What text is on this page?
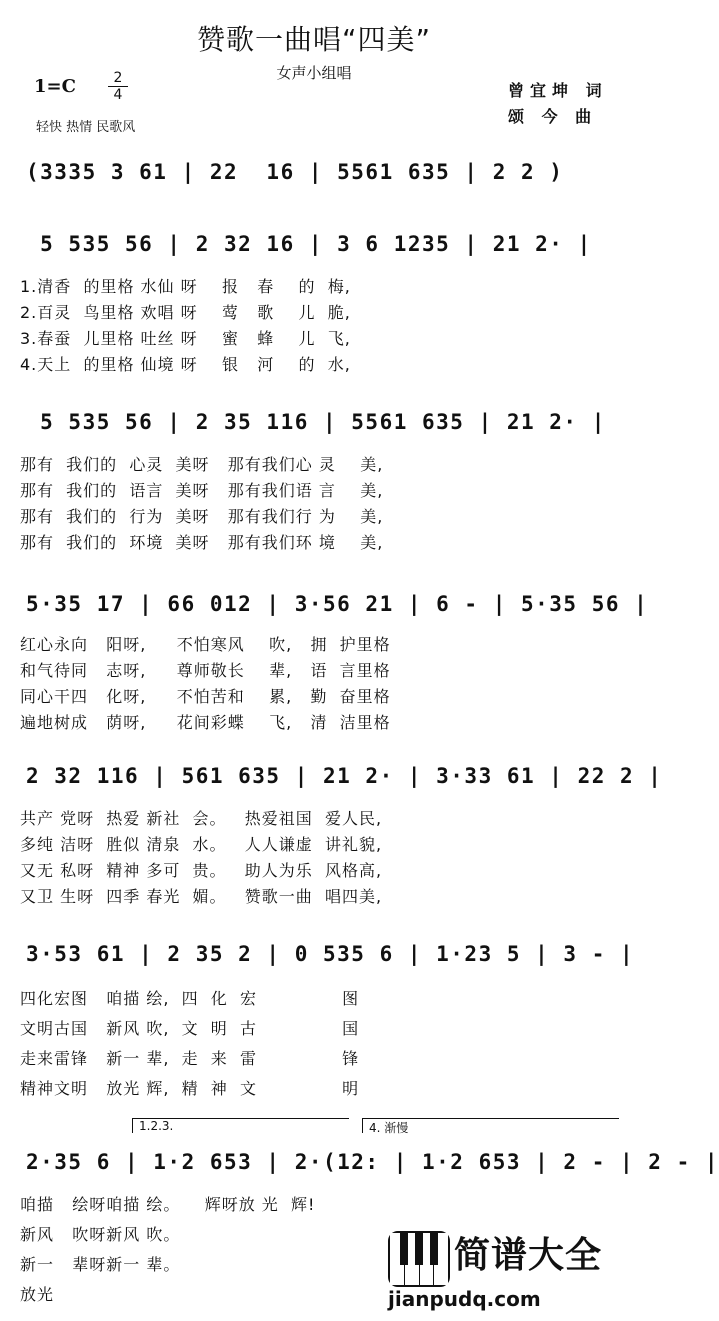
赞歌一曲唱“四美”
女声小组唱
1=C	2
4
轻快 热情 民歌风
曾宜坤 词
颂 今 曲
(3335 3 61 | 22  16 | 5561 635 | 2 2 )
5 535 56 | 2 32 16 | 3 6 1235 | 21 2· |
1.清香  的里格 水仙 呀    报   春    的  梅,
2.百灵  鸟里格 欢唱 呀    莺   歌    儿  脆,
3.春蚕  儿里格 吐丝 呀    蜜   蜂    儿  飞,
4.天上  的里格 仙境 呀    银   河    的  水,
5 535 56 | 2 35 116 | 5561 635 | 21 2· |
那有  我们的  心灵  美呀   那有我们心 灵    美,
那有  我们的  语言  美呀   那有我们语 言    美,
那有  我们的  行为  美呀   那有我们行 为    美,
那有  我们的  环境  美呀   那有我们环 境    美,
5·35 17 | 66 012 | 3·56 21 | 6 - | 5·35 56 |
红心永向   阳呀,     不怕寒风    吹,   拥  护里格
和气待同   志呀,     尊师敬长    辈,   语  言里格
同心干四   化呀,     不怕苦和    累,   勤  奋里格
遍地树成   荫呀,     花间彩蝶    飞,   清  洁里格
2 32 116 | 561 635 | 21 2· | 3·33 61 | 22 2 |
共产 党呀  热爱 新社  会。   热爱祖国  爱人民,
多纯 洁呀  胜似 清泉  水。   人人谦虚  讲礼貌,
又无 私呀  精神 多可  贵。   助人为乐  风格高,
又卫 生呀  四季 春光  媚。   赞歌一曲  唱四美,
3·53 61 | 2 35 2 | 0 535 6 | 1·23 5 | 3 - |
四化宏图   咱描 绘,  四  化  宏              图
文明古国   新风 吹,  文  明  古              国
走来雷锋   新一 辈,  走  来  雷              锋
精神文明   放光 辉,  精  神  文              明
1.2.3.	4. 渐慢
2·35 6 | 1·2 653 | 2·(12: | 1·2 653 | 2 - | 2 - |
咱描   绘呀咱描 绘。    辉呀放 光  辉!
新风   吹呀新风 吹。
新一   辈呀新一 辈。
放光
简谱大全
jianpudq.com
